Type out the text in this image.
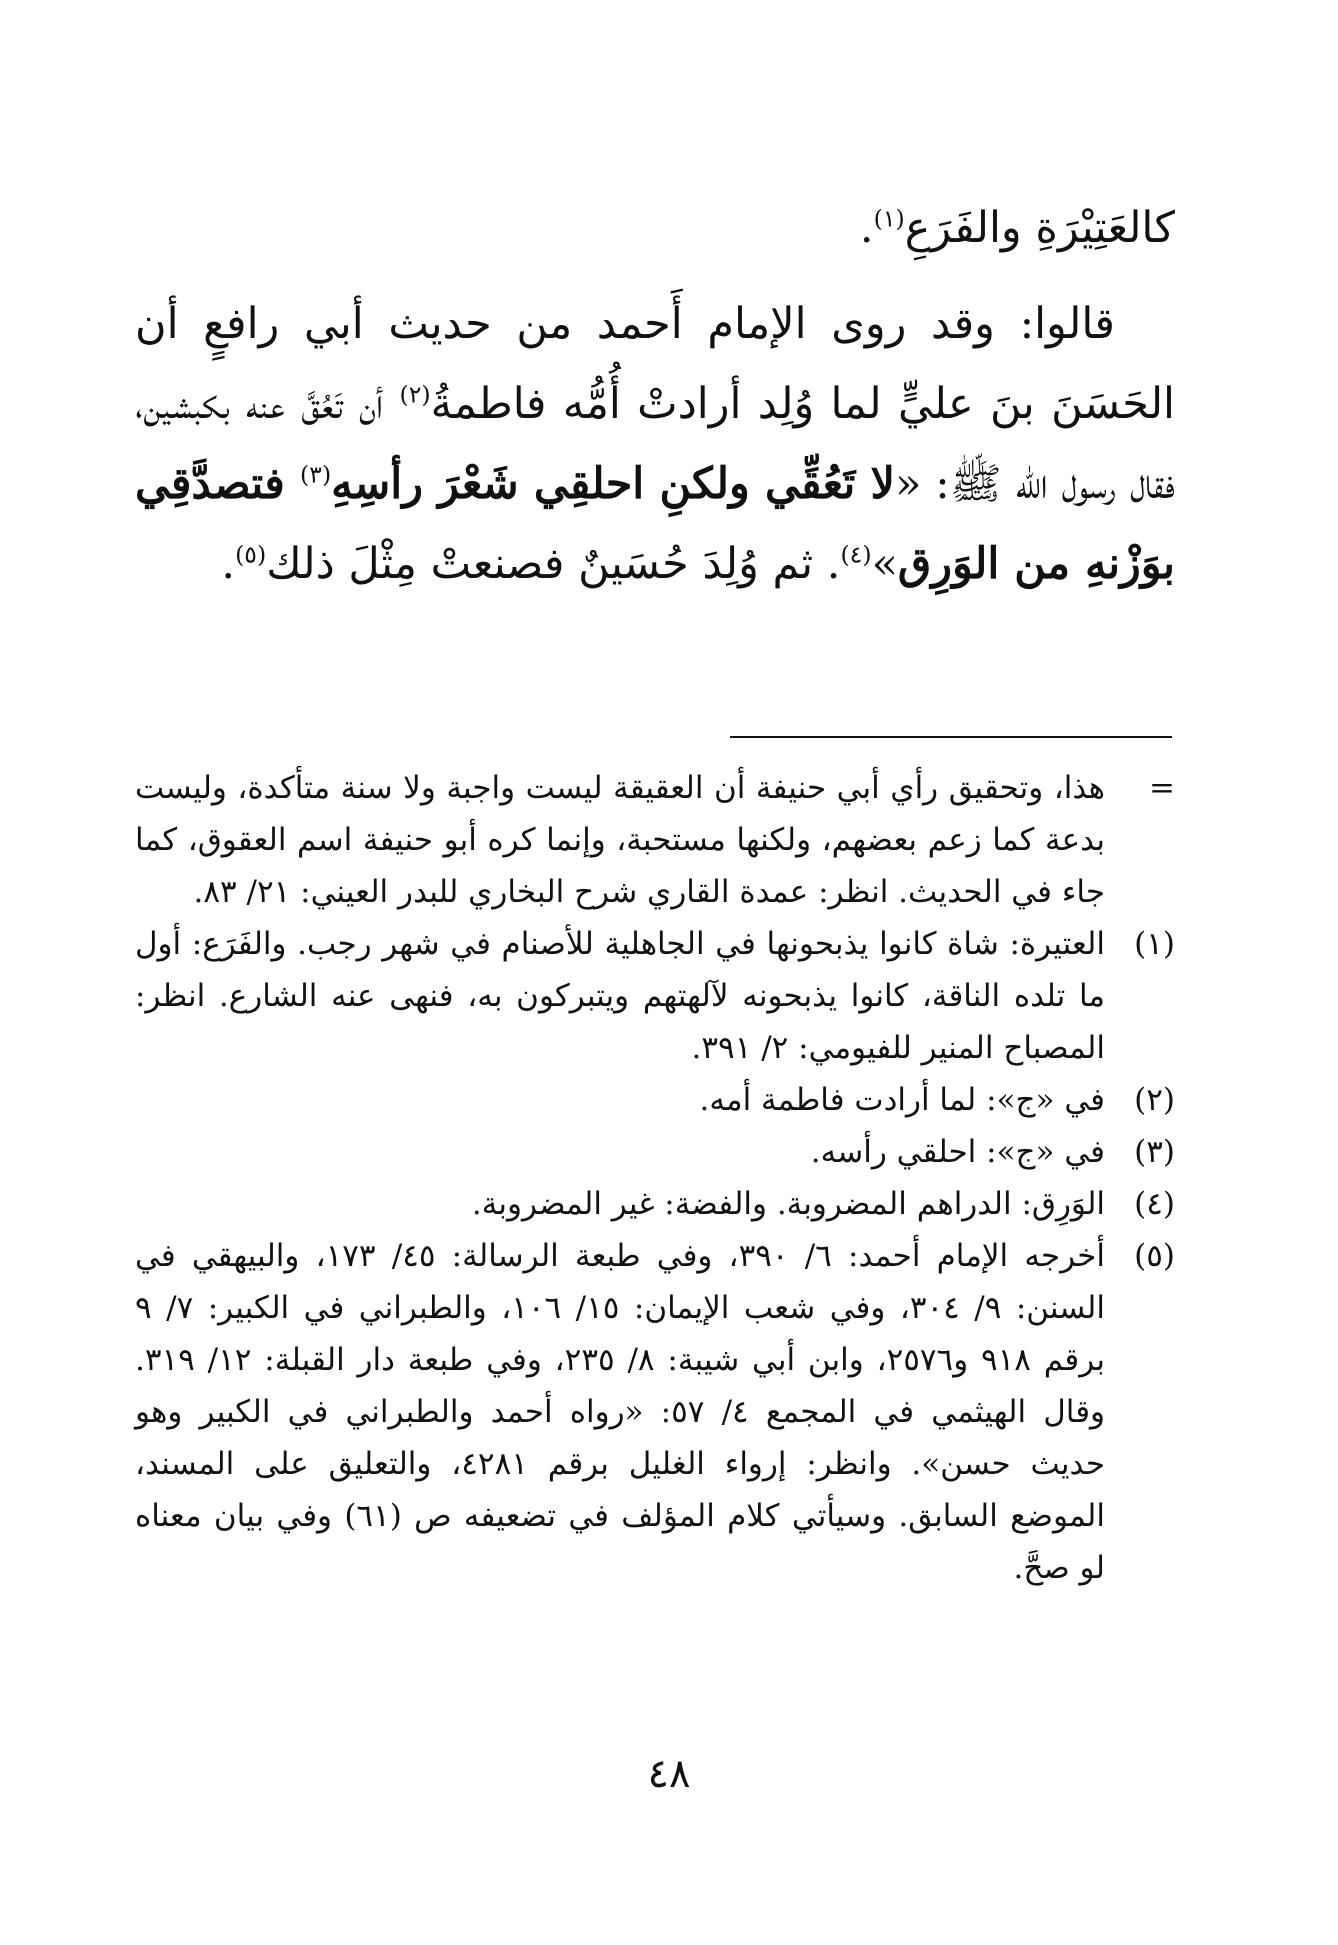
كالعَتِيْرَةِ والفَرَعِ$^{(١)}$.

قالوا: وقد روى الإمام أَحمد من حديث أبي رافعٍ أن الحَسَنَ بنَ عليٍّ لما وُلِد أرادتْ أُمُّه فاطمةُ$^{(٢)}$ أن تَعُقَّ عنه بكبشين، فقال رسول الله ﷺ: «لا تَعُقِّي ولكنِ احلقِي شَعْرَ رأسِهِ$^{(٣)}$ فتصدَّقِي بوَزْنهِ من الوَرِق»$^{(٤)}$. ثم وُلِدَ حُسَينٌ فصنعتْ مِثْلَ ذلك$^{(٥)}$.

=
هذا، وتحقيق رأي أبي حنيفة أن العقيقة ليست واجبة ولا سنة متأكدة، وليست بدعة كما زعم بعضهم، ولكنها مستحبة، وإنما كره أبو حنيفة اسم العقوق، كما جاء في الحديث. انظر: عمدة القاري شرح البخاري للبدر العيني: ٢١/ ٨٣.
(١)
العتيرة: شاة كانوا يذبحونها في الجاهلية للأصنام في شهر رجب. والفَرَع: أول ما تلده الناقة، كانوا يذبحونه لآلهتهم ويتبركون به، فنهى عنه الشارع. انظر: المصباح المنير للفيومي: ٢/ ٣٩١.
(٢)
في «ج»: لما أرادت فاطمة أمه.
(٣)
في «ج»: احلقي رأسه.
(٤)
الوَرِق: الدراهم المضروبة. والفضة: غير المضروبة.
(٥)
أخرجه الإمام أحمد: ٦/ ٣٩٠، وفي طبعة الرسالة: ٤٥/ ١٧٣، والبيهقي في السنن: ٩/ ٣٠٤، وفي شعب الإيمان: ١٥/ ١٠٦، والطبراني في الكبير: ٧/ ٩ برقم ٩١٨ و٢٥٧٦، وابن أبي شيبة: ٨/ ٢٣٥، وفي طبعة دار القبلة: ١٢/ ٣١٩. وقال الهيثمي في المجمع ٤/ ٥٧: «رواه أحمد والطبراني في الكبير وهو حديث حسن». وانظر: إرواء الغليل برقم ٤٢٨١، والتعليق على المسند، الموضع السابق. وسيأتي كلام المؤلف في تضعيفه ص (٦١) وفي بيان معناه لو صحَّ.
٤٨
